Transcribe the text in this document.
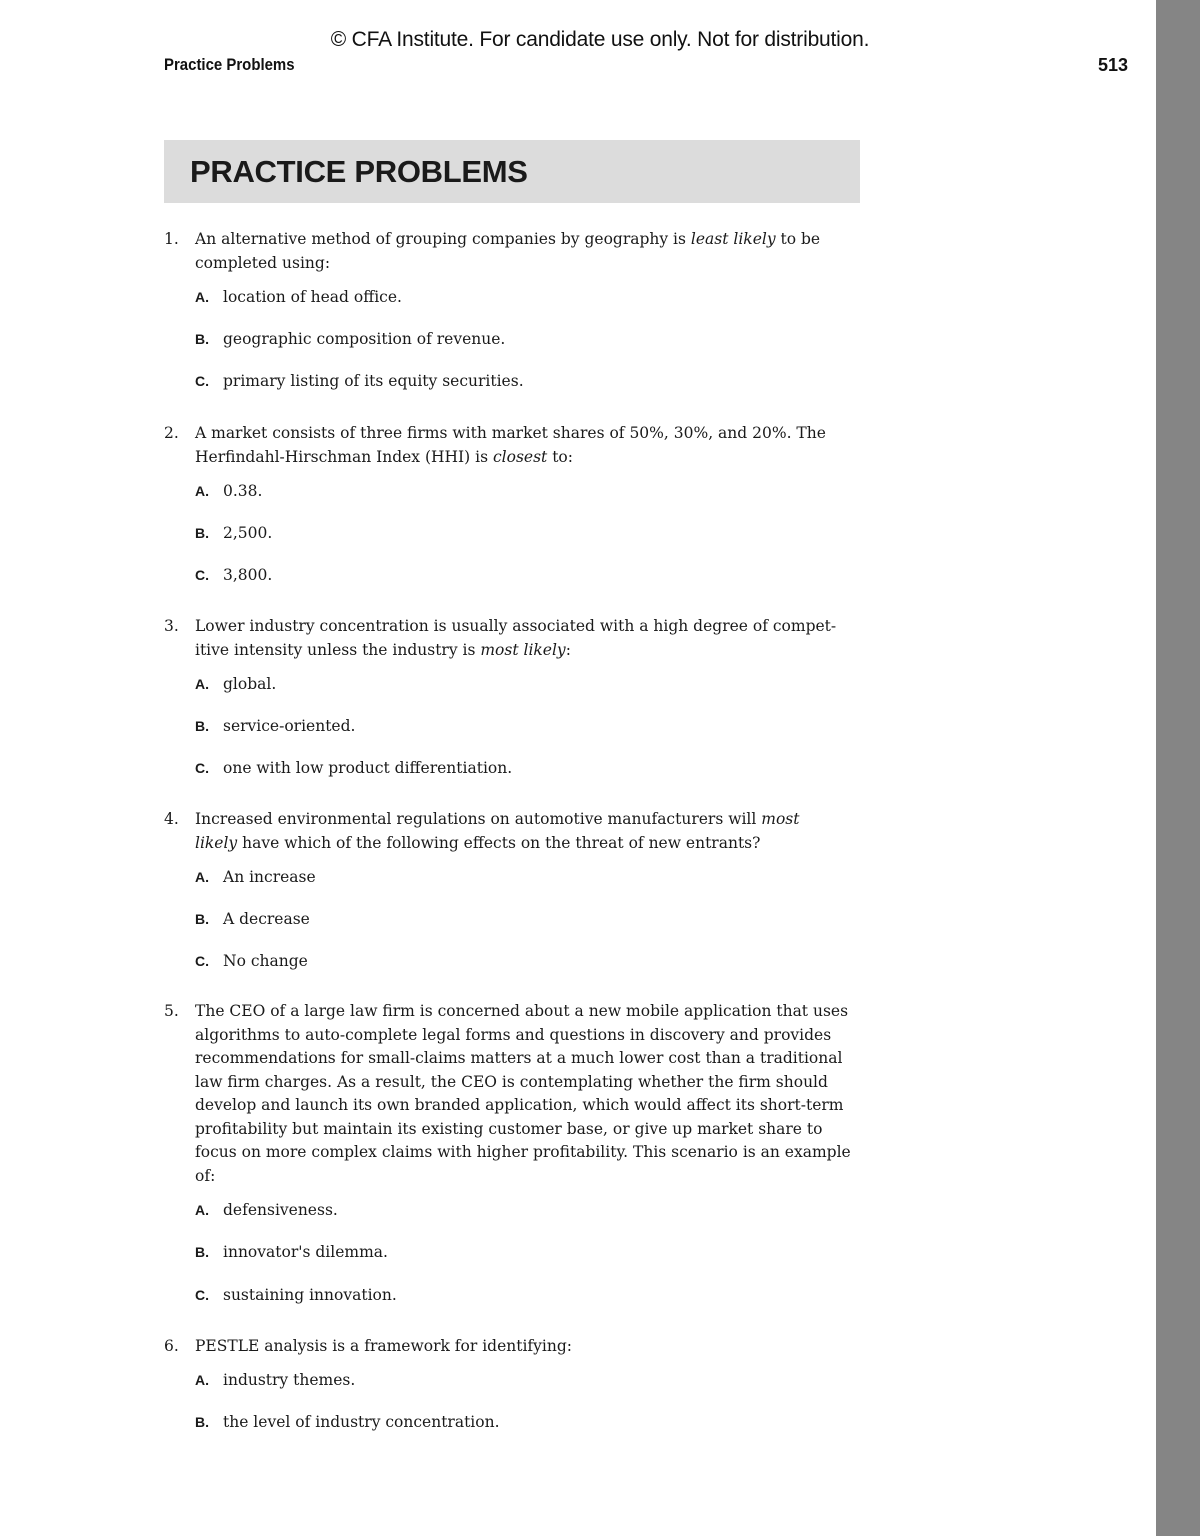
© CFA Institute. For candidate use only. Not for distribution.
Practice Problems	513
PRACTICE PROBLEMS
1. An alternative method of grouping companies by geography is least likely to be completed using:
A. location of head office.
B. geographic composition of revenue.
C. primary listing of its equity securities.
2. A market consists of three firms with market shares of 50%, 30%, and 20%. The Herfindahl-Hirschman Index (HHI) is closest to:
A. 0.38.
B. 2,500.
C. 3,800.
3. Lower industry concentration is usually associated with a high degree of competitive intensity unless the industry is most likely:
A. global.
B. service-oriented.
C. one with low product differentiation.
4. Increased environmental regulations on automotive manufacturers will most likely have which of the following effects on the threat of new entrants?
A. An increase
B. A decrease
C. No change
5. The CEO of a large law firm is concerned about a new mobile application that uses algorithms to auto-complete legal forms and questions in discovery and provides recommendations for small-claims matters at a much lower cost than a traditional law firm charges. As a result, the CEO is contemplating whether the firm should develop and launch its own branded application, which would affect its short-term profitability but maintain its existing customer base, or give up market share to focus on more complex claims with higher profitability. This scenario is an example of:
A. defensiveness.
B. innovator's dilemma.
C. sustaining innovation.
6. PESTLE analysis is a framework for identifying:
A. industry themes.
B. the level of industry concentration.
